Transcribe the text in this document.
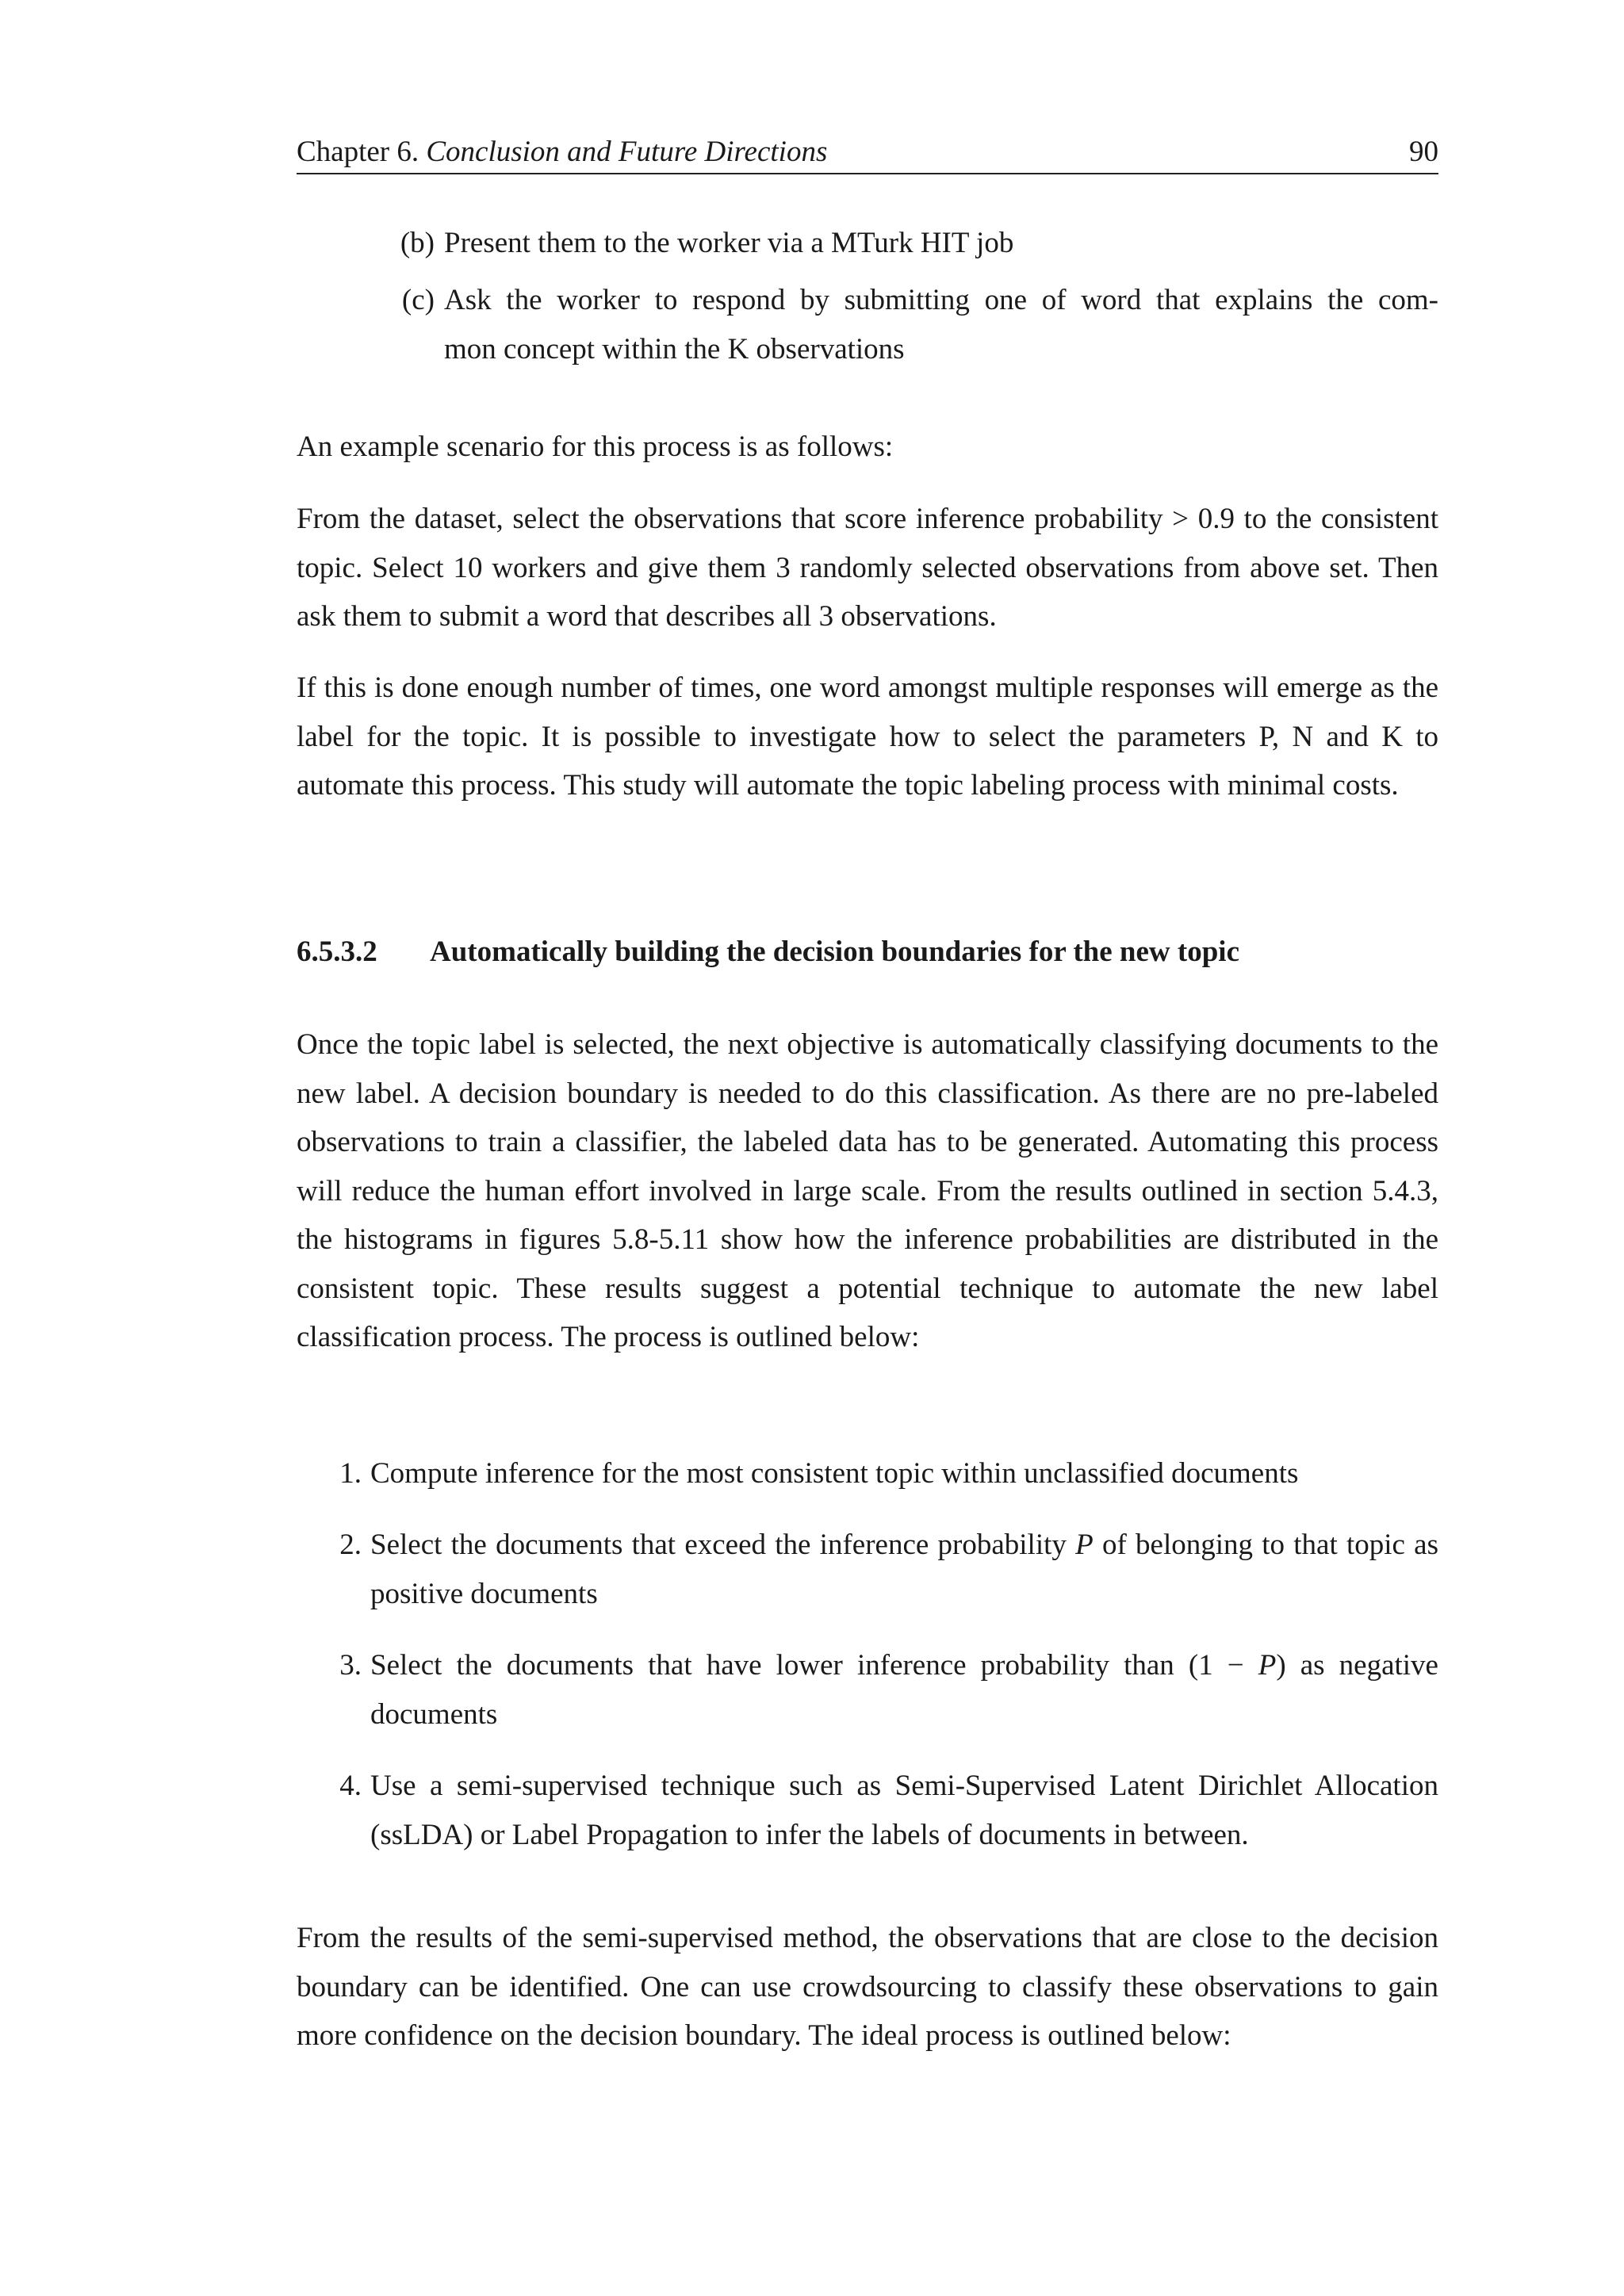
Chapter 6. Conclusion and Future Directions	90
(b) Present them to the worker via a MTurk HIT job
(c) Ask the worker to respond by submitting one of word that explains the com-
mon concept within the K observations

An example scenario for this process is as follows:

From the dataset, select the observations that score inference probability > 0.9 to the consistent topic. Select 10 workers and give them 3 randomly selected observations from above set. Then ask them to submit a word that describes all 3 observations.

If this is done enough number of times, one word amongst multiple responses will emerge as the label for the topic. It is possible to investigate how to select the parameters P, N and K to automate this process. This study will automate the topic labeling process with minimal costs.

6.5.3.2 Automatically building the decision boundaries for the new topic

Once the topic label is selected, the next objective is automatically classifying documents to the new label. A decision boundary is needed to do this classification. As there are no pre-labeled observations to train a classifier, the labeled data has to be generated. Automating this process will reduce the human effort involved in large scale. From the results outlined in section 5.4.3, the histograms in figures 5.8-5.11 show how the inference probabilities are distributed in the consistent topic. These results suggest a potential technique to automate the new label classification process. The process is outlined below:

1. Compute inference for the most consistent topic within unclassified documents
2. Select the documents that exceed the inference probability P of belonging to that topic as positive documents
3. Select the documents that have lower inference probability than (1 − P) as negative documents
4. Use a semi-supervised technique such as Semi-Supervised Latent Dirichlet Allocation (ssLDA) or Label Propagation to infer the labels of documents in between.

From the results of the semi-supervised method, the observations that are close to the decision boundary can be identified. One can use crowdsourcing to classify these observations to gain more confidence on the decision boundary. The ideal process is outlined below:
